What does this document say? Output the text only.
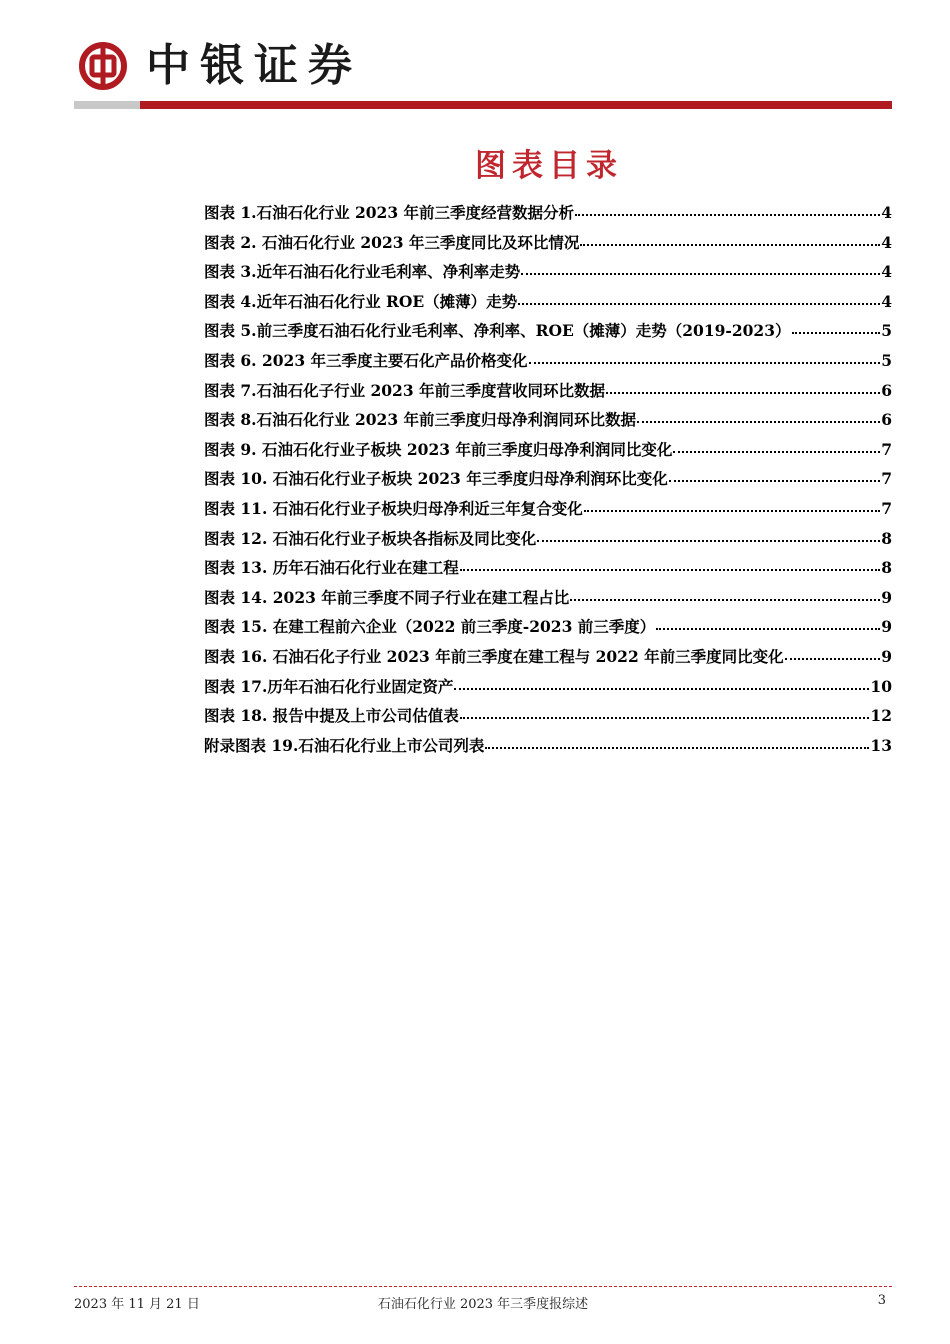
中银证券
图表目录
图表 1.石油石化行业 2023 年前三季度经营数据分析	4
图表 2. 石油石化行业 2023 年三季度同比及环比情况	4
图表 3.近年石油石化行业毛利率、净利率走势	4
图表 4.近年石油石化行业 ROE（摊薄）走势	4
图表 5.前三季度石油石化行业毛利率、净利率、ROE（摊薄）走势（2019-2023）	5
图表 6. 2023 年三季度主要石化产品价格变化	5
图表 7.石油石化子行业 2023 年前三季度营收同环比数据	6
图表 8.石油石化行业 2023 年前三季度归母净利润同环比数据	6
图表 9. 石油石化行业子板块 2023 年前三季度归母净利润同比变化	7
图表 10. 石油石化行业子板块 2023 年三季度归母净利润环比变化	7
图表 11. 石油石化行业子板块归母净利近三年复合变化	7
图表 12. 石油石化行业子板块各指标及同比变化	8
图表 13. 历年石油石化行业在建工程	8
图表 14. 2023 年前三季度不同子行业在建工程占比	9
图表 15. 在建工程前六企业（2022 前三季度-2023 前三季度）	9
图表 16. 石油石化子行业 2023 年前三季度在建工程与 2022 年前三季度同比变化	9
图表 17.历年石油石化行业固定资产	10
图表 18. 报告中提及上市公司估值表	12
附录图表 19.石油石化行业上市公司列表	13
2023 年 11 月 21 日	石油石化行业 2023 年三季度报综述	3
